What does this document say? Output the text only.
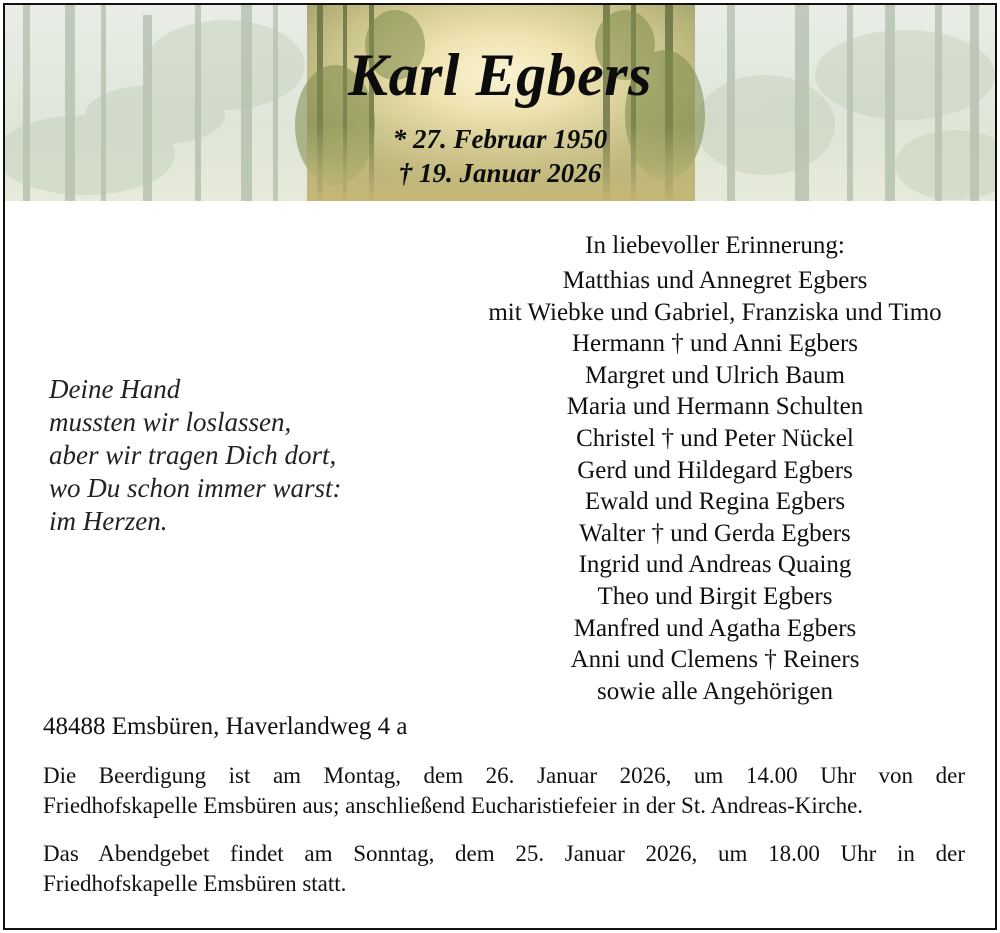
Karl Egbers
* 27. Februar 1950
† 19. Januar 2026
Deine Hand
mussten wir loslassen,
aber wir tragen Dich dort,
wo Du schon immer warst:
im Herzen.
In liebevoller Erinnerung:
Matthias und Annegret Egbers
mit Wiebke und Gabriel, Franziska und Timo
Hermann † und Anni Egbers
Margret und Ulrich Baum
Maria und Hermann Schulten
Christel † und Peter Nückel
Gerd und Hildegard Egbers
Ewald und Regina Egbers
Walter † und Gerda Egbers
Ingrid und Andreas Quaing
Theo und Birgit Egbers
Manfred und Agatha Egbers
Anni und Clemens † Reiners
sowie alle Angehörigen
48488 Emsbüren, Haverlandweg 4 a
Die Beerdigung ist am Montag, dem 26. Januar 2026, um 14.00 Uhr von der
Friedhofskapelle Emsbüren aus; anschließend Eucharistiefeier in der St. Andreas-Kirche.
Das Abendgebet findet am Sonntag, dem 25. Januar 2026, um 18.00 Uhr in der
Friedhofskapelle Emsbüren statt.
